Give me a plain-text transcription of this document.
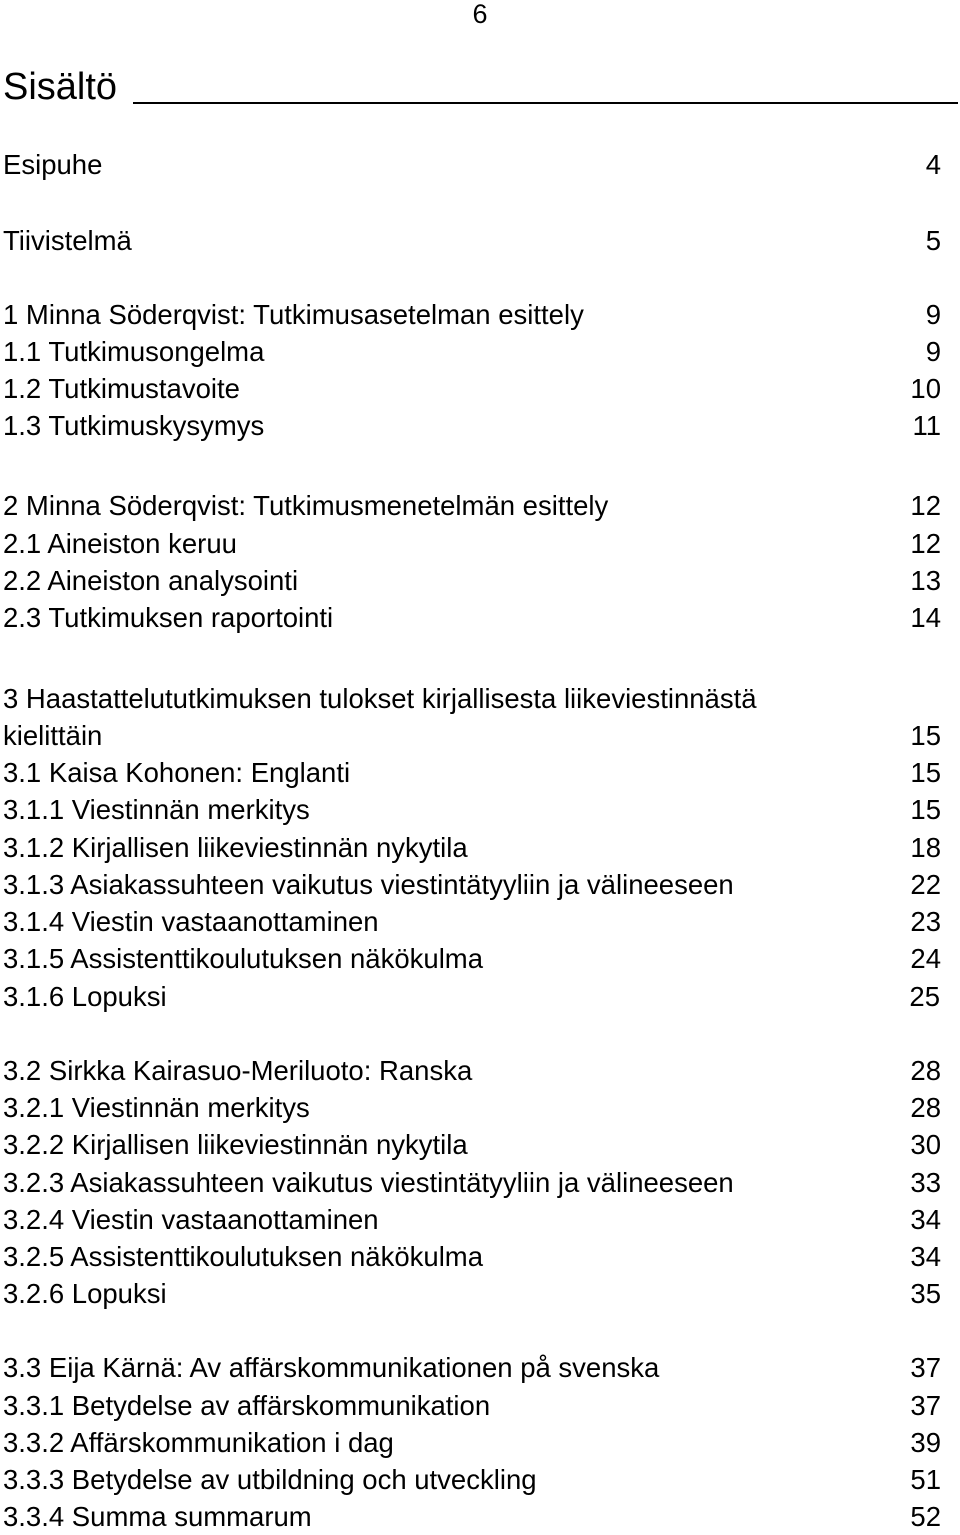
6
Sisältö
Esipuhe	4
Tiivistelmä	5
1 Minna Söderqvist: Tutkimusasetelman esittely	9
1.1 Tutkimusongelma	9
1.2 Tutkimustavoite	10
1.3 Tutkimuskysymys	11
2 Minna Söderqvist: Tutkimusmenetelmän esittely	12
2.1 Aineiston keruu	12
2.2 Aineiston analysointi	13
2.3 Tutkimuksen raportointi	14
3 Haastattelututkimuksen tulokset kirjallisesta liikeviestinnästä
kielittäin	15
3.1 Kaisa Kohonen: Englanti	15
3.1.1 Viestinnän merkitys	15
3.1.2 Kirjallisen liikeviestinnän nykytila	18
3.1.3 Asiakassuhteen vaikutus viestintätyyliin ja välineeseen	22
3.1.4 Viestin vastaanottaminen	23
3.1.5 Assistenttikoulutuksen näkökulma	24
3.1.6 Lopuksi	25
3.2 Sirkka Kairasuo-Meriluoto: Ranska	28
3.2.1 Viestinnän merkitys	28
3.2.2 Kirjallisen liikeviestinnän nykytila	30
3.2.3 Asiakassuhteen vaikutus viestintätyyliin ja välineeseen	33
3.2.4 Viestin vastaanottaminen	34
3.2.5 Assistenttikoulutuksen näkökulma	34
3.2.6 Lopuksi	35
3.3 Eija Kärnä: Av affärskommunikationen på svenska	37
3.3.1 Betydelse av affärskommunikation	37
3.3.2 Affärskommunikation i dag	39
3.3.3 Betydelse av utbildning och utveckling	51
3.3.4 Summa summarum	52
